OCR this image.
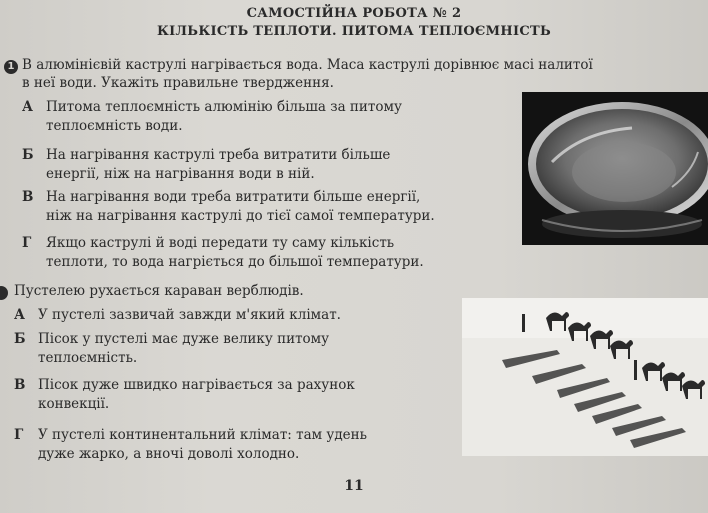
САМОСТІЙНА РОБОТА № 2
КІЛЬКІСТЬ ТЕПЛОТИ. ПИТОМА ТЕПЛОЄМНІСТЬ
1 В алюмінієвій каструлі нагрівається вода. Маса каструлі дорівнює масі налитої
в неї води. Укажіть правильне твердження.
А Питома теплоємність алюмінію більша за питому
теплоємність води.
Б На нагрівання каструлі треба витратити більше
енергії, ніж на нагрівання води в ній.
В На нагрівання води треба витратити більше енергії,
ніж на нагрівання каструлі до тієї самої температури.
Г Якщо каструлі й воді передати ту саму кількість
теплоти, то вода нагріється до більшої температури.
Пустелею рухається караван верблюдів.
А У пустелі зазвичай завжди м'який клімат.
Б Пісок у пустелі має дуже велику питому
теплоємність.
В Пісок дуже швидко нагрівається за рахунок
конвекції.
Г У пустелі континентальний клімат: там удень
дуже жарко, а вночі доволі холодно.
11
